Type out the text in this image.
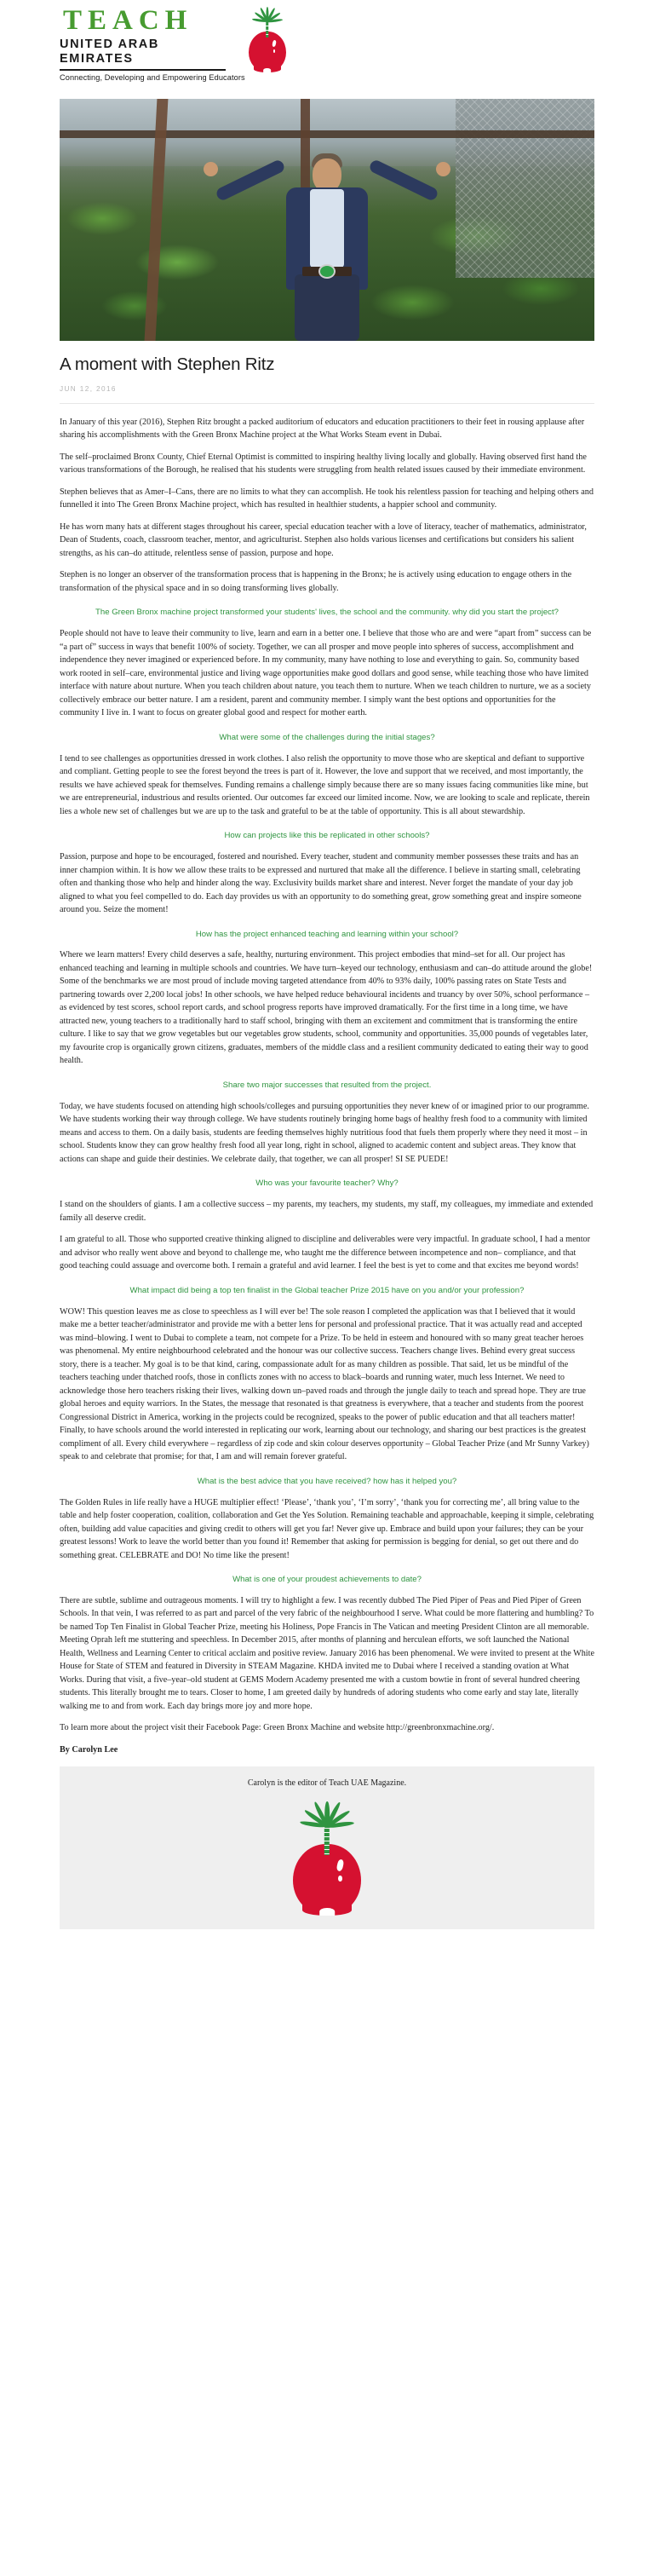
TEACH
UNITED ARAB EMIRATES
Connecting, Developing and Empowering Educators
A moment with Stephen Ritz
JUN 12, 2016

In January of this year (2016), Stephen Ritz brought a packed auditorium of educators and education practitioners to their feet in rousing applause after sharing his accomplishments with the Green Bronx Machine project at the What Works Steam event in Dubai.

The self–proclaimed Bronx County, Chief Eternal Optimist is committed to inspiring healthy living locally and globally. Having observed first hand the various transformations of the Borough, he realised that his students were struggling from health related issues caused by their immediate environment.

Stephen believes that as Amer–I–Cans, there are no limits to what they can accomplish. He took his relentless passion for teaching and helping others and funnelled it into The Green Bronx Machine project, which has resulted in healthier students, a happier school and community.

He has worn many hats at different stages throughout his career, special education teacher with a love of literacy, teacher of mathematics, administrator, Dean of Students, coach, classroom teacher, mentor, and agriculturist. Stephen also holds various licenses and certifications but considers his salient strengths, as his can–do attitude, relentless sense of passion, purpose and hope.

Stephen is no longer an observer of the transformation process that is happening in the Bronx; he is actively using education to engage others in the transformation of the physical space and in so doing transforming lives globally.

The Green Bronx machine project transformed your students' lives, the school and the community. why did you start the project?

People should not have to leave their community to live, learn and earn in a better one. I believe that those who are and were “apart from” success can be “a part of” success in ways that benefit 100% of society. Together, we can all prosper and move people into spheres of success, accomplishment and independence they never imagined or experienced before. In my community, many have nothing to lose and everything to gain. So, community based work rooted in self–care, environmental justice and living wage opportunities make good dollars and good sense, while teaching those who have limited interface with nature about nurture. When you teach children about nature, you teach them to nurture. When we teach children to nurture, we as a society collectively embrace our better nature. I am a resident, parent and community member. I simply want the best options and opportunities for the community I live in. I want to focus on greater global good and respect for mother earth.

What were some of the challenges during the initial stages?

I tend to see challenges as opportunities dressed in work clothes. I also relish the opportunity to move those who are skeptical and defiant to supportive and compliant. Getting people to see the forest beyond the trees is part of it. However, the love and support that we received, and most importantly, the results we have achieved speak for themselves. Funding remains a challenge simply because there are so many issues facing communities like mine, but we are entrepreneurial, industrious and results oriented. Our outcomes far exceed our limited income. Now, we are looking to scale and replicate, therein lies a whole new set of challenges but we are up to the task and grateful to be at the table of opportunity. This is all about stewardship.

How can projects like this be replicated in other schools?

Passion, purpose and hope to be encouraged, fostered and nourished. Every teacher, student and community member possesses these traits and has an inner champion within. It is how we allow these traits to be expressed and nurtured that make all the difference. I believe in starting small, celebrating often and thanking those who help and hinder along the way. Exclusivity builds market share and interest. Never forget the mandate of your day job aligned to what you feel compelled to do. Each day provides us with an opportunity to do something great, grow something great and inspire someone around you. Seize the moment!

How has the project enhanced teaching and learning within your school?

Where we learn matters! Every child deserves a safe, healthy, nurturing environment. This project embodies that mind–set for all. Our project has enhanced teaching and learning in multiple schools and countries. We have turn–keyed our technology, enthusiasm and can–do attitude around the globe! Some of the benchmarks we are most proud of include moving targeted attendance from 40% to 93% daily, 100% passing rates on State Tests and partnering towards over 2,200 local jobs! In other schools, we have helped reduce behavioural incidents and truancy by over 50%, school performance – as evidenced by test scores, school report cards, and school progress reports have improved dramatically. For the first time in a long time, we have attracted new, young teachers to a traditionally hard to staff school, bringing with them an excitement and commitment that is transforming the entire culture. I like to say that we grow vegetables but our vegetables grow students, school, community and opportunities. 35,000 pounds of vegetables later, my favourite crop is organically grown citizens, graduates, members of the middle class and a resilient community dedicated to eating their way to good health.

Share two major successes that resulted from the project.

Today, we have students focused on attending high schools/colleges and pursuing opportunities they never knew of or imagined prior to our programme. We have students working their way through college. We have students routinely bringing home bags of healthy fresh food to a community with limited means and access to them. On a daily basis, students are feeding themselves highly nutritious food that fuels them properly where they need it most – in school. Students know they can grow healthy fresh food all year long, right in school, aligned to academic content and subject areas. They know that actions can shape and guide their destinies. We celebrate daily, that together, we can all prosper! SI SE PUEDE!

Who was your favourite teacher? Why?

I stand on the shoulders of giants. I am a collective success – my parents, my teachers, my students, my staff, my colleagues, my immediate and extended family all deserve credit.

I am grateful to all. Those who supported creative thinking aligned to discipline and deliverables were very impactful. In graduate school, I had a mentor and advisor who really went above and beyond to challenge me, who taught me the difference between incompetence and non– compliance, and that good teaching could assuage and overcome both. I remain a grateful and avid learner. I feel the best is yet to come and that excites me beyond words!

What impact did being a top ten finalist in the Global teacher Prize 2015 have on you and/or your profession?

WOW! This question leaves me as close to speechless as I will ever be! The sole reason I completed the application was that I believed that it would make me a better teacher/administrator and provide me with a better lens for personal and professional practice. That it was actually read and accepted was mind–blowing. I went to Dubai to complete a team, not compete for a Prize. To be held in esteem and honoured with so many great teacher heroes was phenomenal. My entire neighbourhood celebrated and the honour was our collective success. Teachers change lives. Behind every great success story, there is a teacher. My goal is to be that kind, caring, compassionate adult for as many children as possible. That said, let us be mindful of the teachers teaching under thatched roofs, those in conflicts zones with no access to black–boards and running water, much less Internet. We need to acknowledge those hero teachers risking their lives, walking down un–paved roads and through the jungle daily to teach and spread hope. They are true global heroes and equity warriors. In the States, the message that resonated is that greatness is everywhere, that a teacher and students from the poorest Congressional District in America, working in the projects could be recognized, speaks to the power of public education and that all teachers matter! Finally, to have schools around the world interested in replicating our work, learning about our technology, and sharing our best practices is the greatest compliment of all. Every child everywhere – regardless of zip code and skin colour deserves opportunity – Global Teacher Prize (and Mr Sunny Varkey) speak to and celebrate that promise; for that, I am and will remain forever grateful.

What is the best advice that you have received? how has it helped you?

The Golden Rules in life really have a HUGE multiplier effect! ‘Please’, ‘thank you’, ‘I’m sorry’, ‘thank you for correcting me’, all bring value to the table and help foster cooperation, coalition, collaboration and Get the Yes Solution. Remaining teachable and approachable, keeping it simple, celebrating often, building add value capacities and giving credit to others will get you far! Never give up. Embrace and build upon your failures; they can be your greatest lessons! Work to leave the world better than you found it! Remember that asking for permission is begging for denial, so get out there and do something great. CELEBRATE and DO! No time like the present!

What is one of your proudest achievements to date?

There are subtle, sublime and outrageous moments. I will try to highlight a few. I was recently dubbed The Pied Piper of Peas and Pied Piper of Green Schools. In that vein, I was referred to as part and parcel of the very fabric of the neighbourhood I serve. What could be more flattering and humbling? To be named Top Ten Finalist in Global Teacher Prize, meeting his Holiness, Pope Francis in The Vatican and meeting President Clinton are all memorable. Meeting Oprah left me stuttering and speechless. In December 2015, after months of planning and herculean efforts, we soft launched the National Health, Wellness and Learning Center to critical acclaim and positive review. January 2016 has been phenomenal. We were invited to present at the White House for State of STEM and featured in Diversity in STEAM Magazine. KHDA invited me to Dubai where I received a standing ovation at What Works. During that visit, a five–year–old student at GEMS Modern Academy presented me with a custom bowtie in front of several hundred cheering students. This literally brought me to tears. Closer to home, I am greeted daily by hundreds of adoring students who come early and stay late, literally walking me to and from work. Each day brings more joy and more hope.

To learn more about the project visit their Facebook Page: Green Bronx Machine and website http://greenbronxmachine.org/.

By Carolyn Lee

Carolyn is the editor of Teach UAE Magazine.
